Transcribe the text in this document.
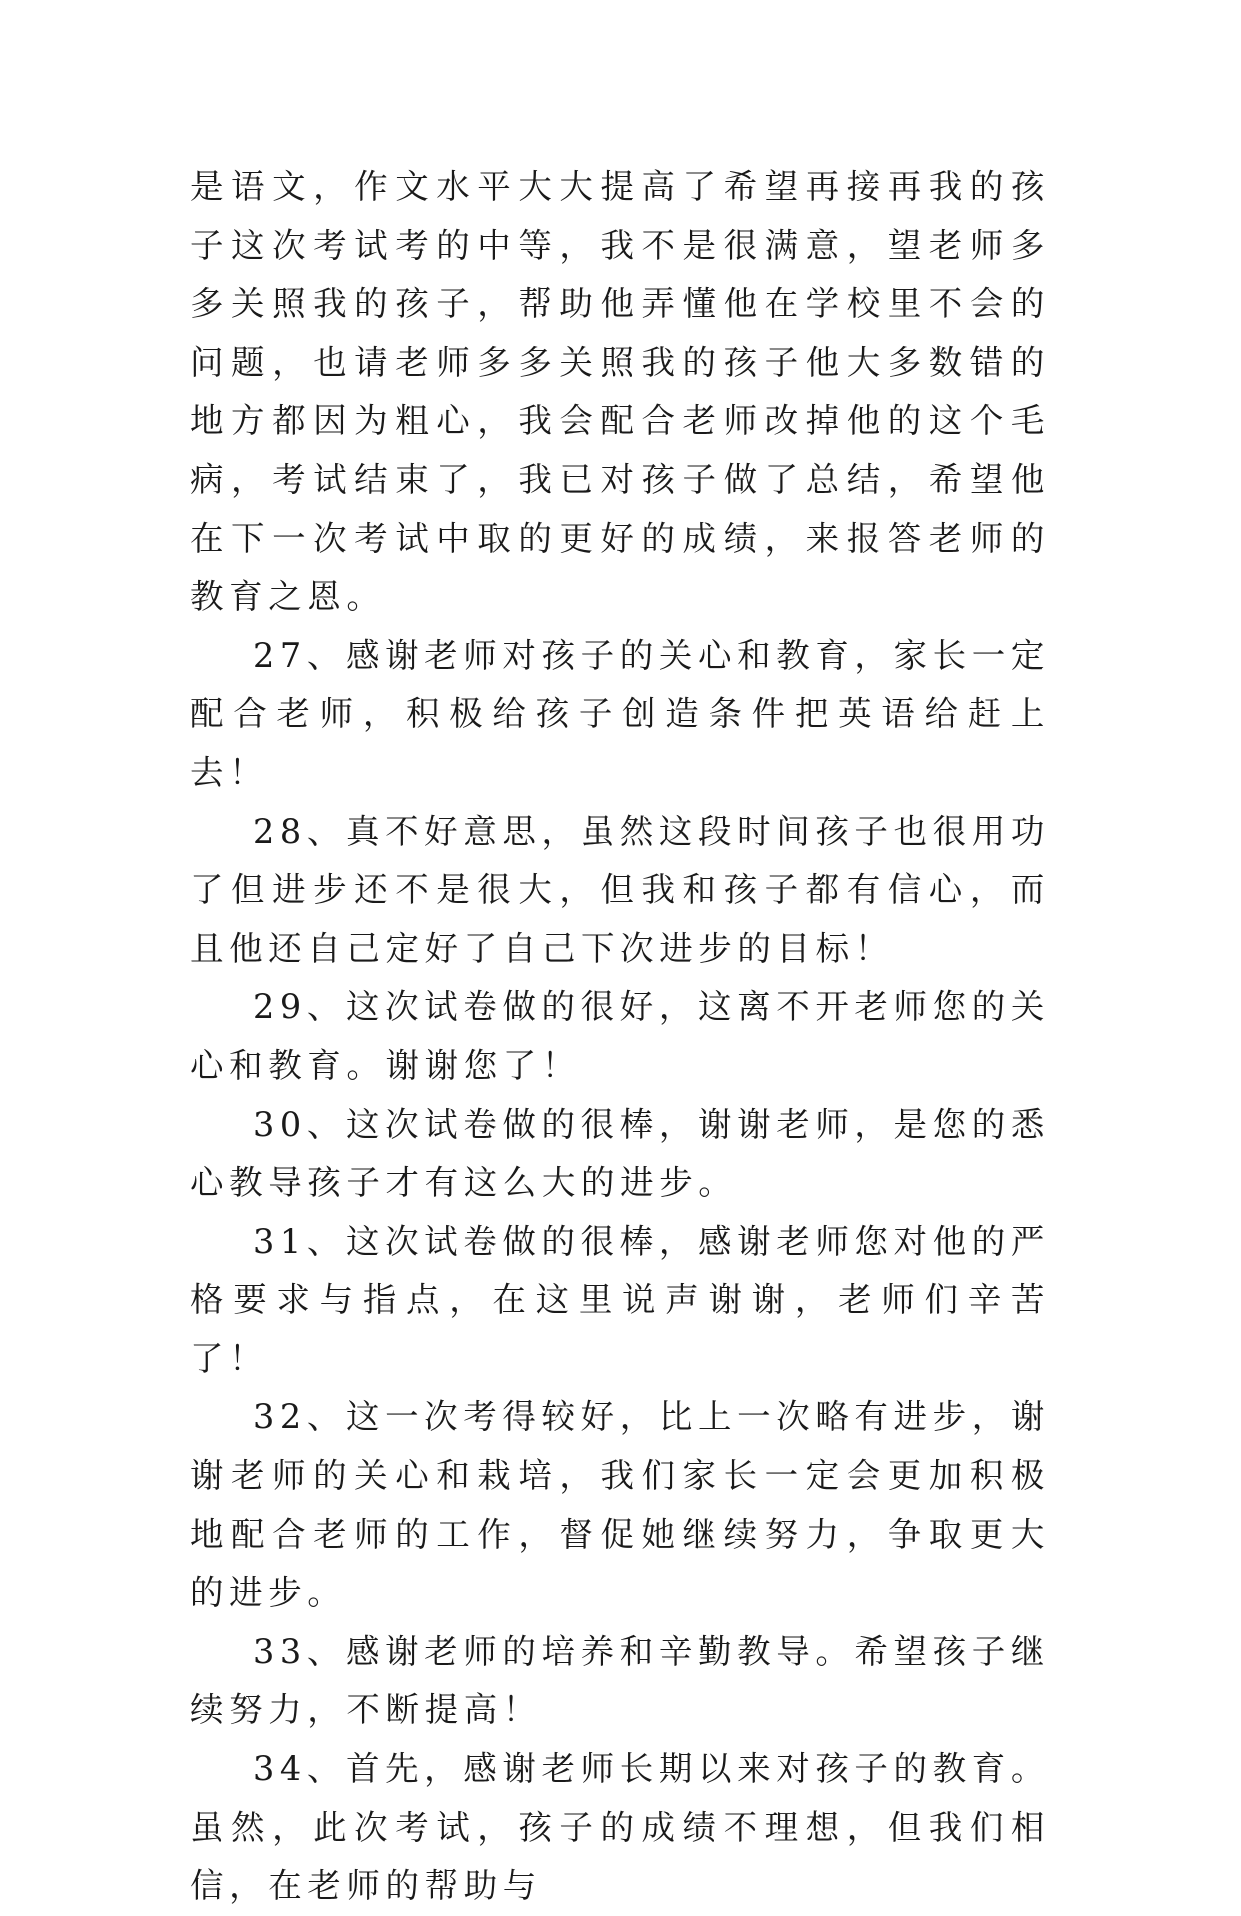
是语文，作文水平大大提高了希望再接再我的孩子这次考试考的中等，我不是很满意，望老师多多关照我的孩子，帮助他弄懂他在学校里不会的问题，也请老师多多关照我的孩子他大多数错的地方都因为粗心，我会配合老师改掉他的这个毛病，考试结束了，我已对孩子做了总结，希望他在下一次考试中取的更好的成绩，来报答老师的教育之恩。

27、感谢老师对孩子的关心和教育，家长一定配合老师，积极给孩子创造条件把英语给赶上去！

28、真不好意思，虽然这段时间孩子也很用功了但进步还不是很大，但我和孩子都有信心，而且他还自己定好了自己下次进步的目标！

29、这次试卷做的很好，这离不开老师您的关心和教育。谢谢您了！

30、这次试卷做的很棒，谢谢老师，是您的悉心教导孩子才有这么大的进步。

31、这次试卷做的很棒，感谢老师您对他的严格要求与指点，在这里说声谢谢，老师们辛苦了！

32、这一次考得较好，比上一次略有进步，谢谢老师的关心和栽培，我们家长一定会更加积极地配合老师的工作，督促她继续努力，争取更大的进步。

33、感谢老师的培养和辛勤教导。希望孩子继续努力，不断提高！

34、首先，感谢老师长期以来对孩子的教育。虽然，此次考试，孩子的成绩不理想，但我们相信，在老师的帮助与
